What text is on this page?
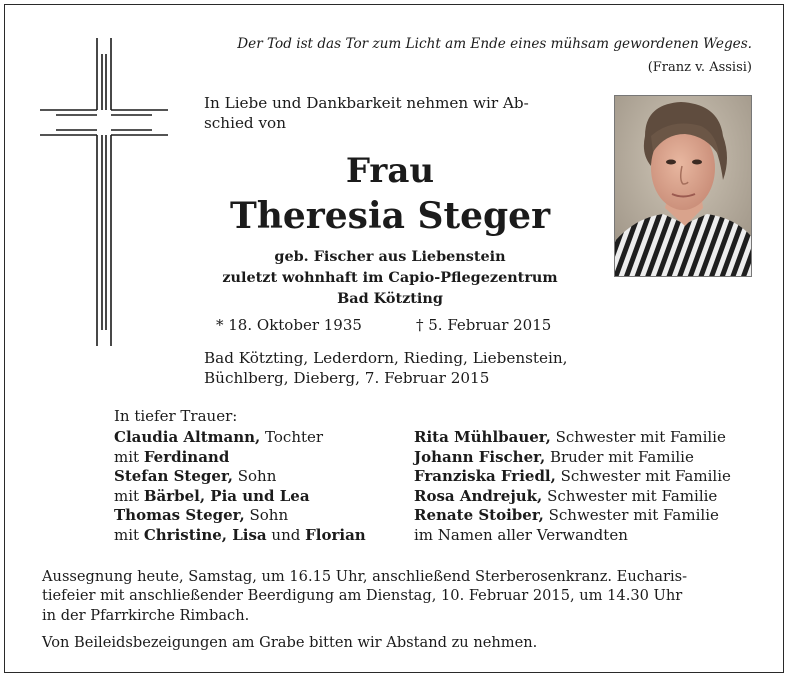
Der Tod ist das Tor zum Licht am Ende eines mühsam gewordenen Weges.
(Franz v. Assisi)
In Liebe und Dankbarkeit nehmen wir Ab-
schied von
Frau
Theresia Steger
geb. Fischer aus Liebenstein
zuletzt wohnhaft im Capio-Pflegezentrum
Bad Kötzting
* 18. Oktober 1935	† 5. Februar 2015
Bad Kötzting, Lederdorn, Rieding, Liebenstein,
Büchlberg, Dieberg, 7. Februar 2015
In tiefer Trauer:
Claudia Altmann, Tochter
mit Ferdinand
Stefan Steger, Sohn
mit Bärbel, Pia und Lea
Thomas Steger, Sohn
mit Christine, Lisa und Florian
Rita Mühlbauer, Schwester mit Familie
Johann Fischer, Bruder mit Familie
Franziska Friedl, Schwester mit Familie
Rosa Andrejuk, Schwester mit Familie
Renate Stoiber, Schwester mit Familie
im Namen aller Verwandten
Aussegnung heute, Samstag, um 16.15 Uhr, anschließend Sterberosenkranz. Eucharis-
tiefeier mit anschließender Beerdigung am Dienstag, 10. Februar 2015, um 14.30 Uhr
in der Pfarrkirche Rimbach.
Von Beileidsbezeigungen am Grabe bitten wir Abstand zu nehmen.
